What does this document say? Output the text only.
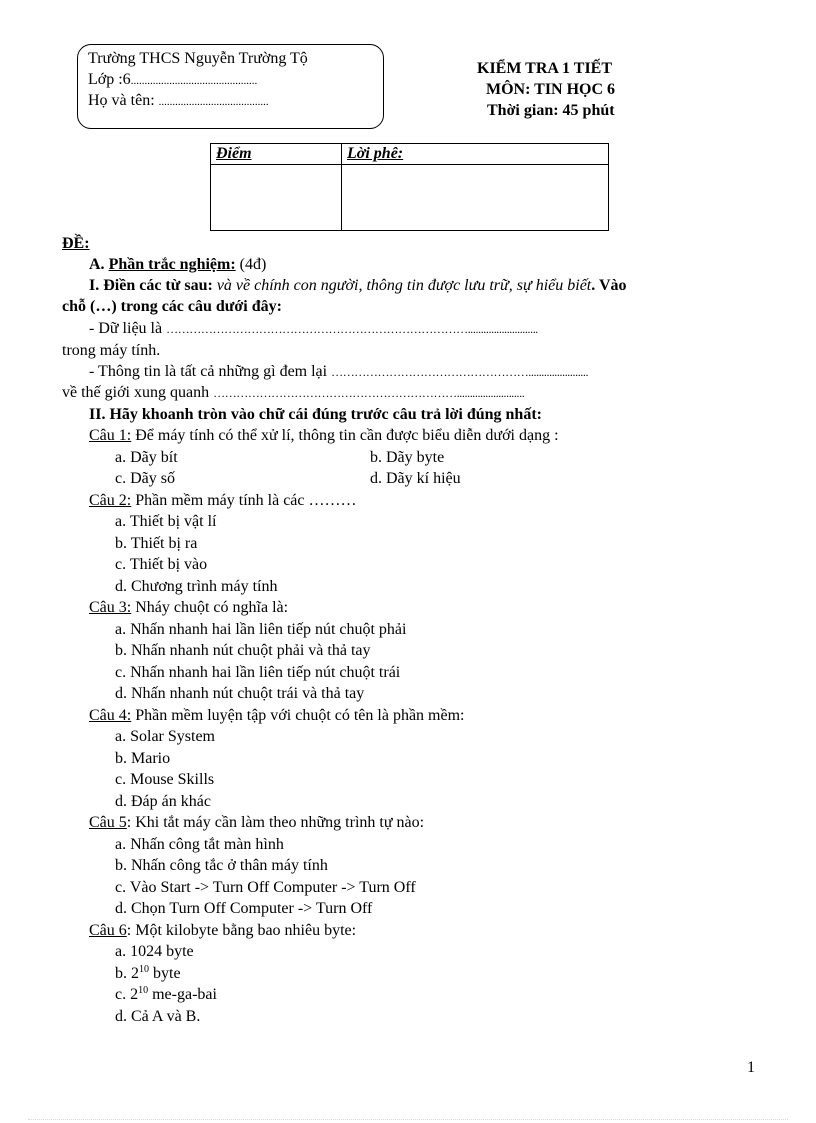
Trường THCS Nguyễn Trường Tộ
Lớp :6..............................................
Họ và tên: ........................................
KIỂM TRA 1 TIẾT
MÔN: TIN HỌC 6
Thời gian: 45 phút
Điểm	Lời phê:

ĐỀ:
A. Phần trắc nghiệm: (4đ)
I. Điền các từ sau: và về chính con người, thông tin được lưu trữ, sự hiểu biết. Vào
chỗ (…) trong các câu dưới đây:
- Dữ liệu là ……………………………………………………………………...........................
trong máy tính.
- Thông tin là tất cả những gì đem lại …………………………………………….......................
về thế giới xung quanh ………………………………………………………..........................
II. Hãy khoanh tròn vào chữ cái đúng trước câu trả lời đúng nhất:
Câu 1: Để máy tính có thể xử lí, thông tin cần được biểu diễn dưới dạng :
a. Dãy bít	b. Dãy byte
c. Dãy số	d. Dãy kí hiệu
Câu 2: Phần mềm máy tính là các ………
a. Thiết bị vật lí
b. Thiết bị ra
c. Thiết bị vào
d. Chương trình máy tính
Câu 3: Nháy chuột có nghĩa là:
a. Nhấn nhanh hai lần liên tiếp nút chuột phải
b. Nhấn nhanh nút chuột phải và thả tay
c. Nhấn nhanh hai lần liên tiếp nút chuột trái
d. Nhấn nhanh nút chuột trái và thả tay
Câu 4: Phần mềm luyện tập với chuột có tên là phần mềm:
a. Solar System
b. Mario
c. Mouse Skills
d. Đáp án khác
Câu 5: Khi tắt máy cần làm theo những trình tự nào:
a. Nhấn công tắt màn hình
b. Nhấn công tắc ở thân máy tính
c. Vào Start -> Turn Off Computer -> Turn Off
d. Chọn Turn Off Computer -> Turn Off
Câu 6: Một kilobyte bằng bao nhiêu byte:
a. 1024 byte
b. $2^{10}$ byte
c. $2^{10}$ me-ga-bai
d. Cả A và B.
1
